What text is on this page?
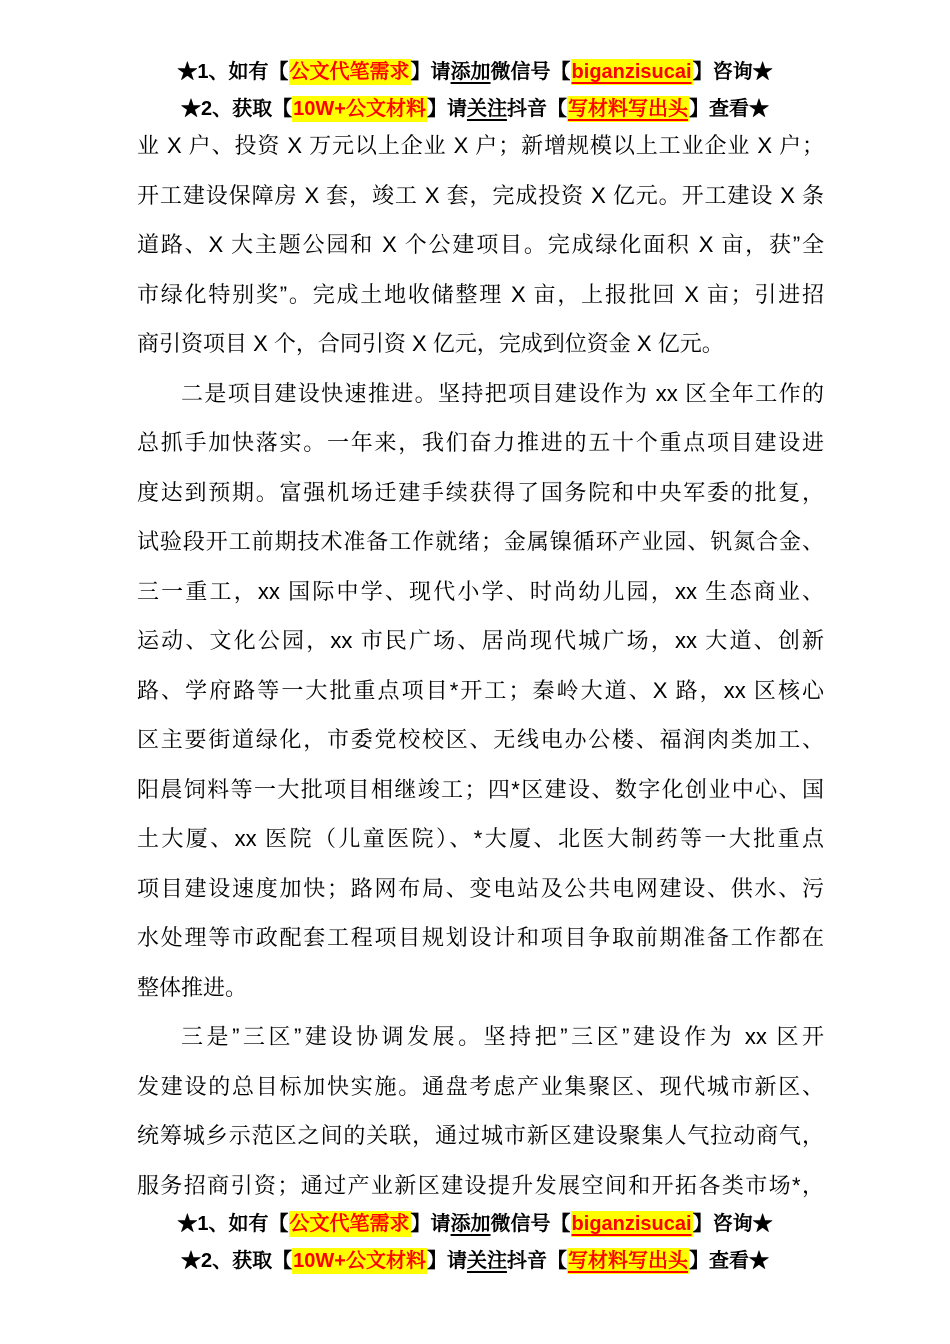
★1、如有【公文代笔需求】请添加微信号【biganzisucai】咨询★
★2、获取【10W+公文材料】请关注抖音【写材料写出头】查看★
业 X 户、投资 X 万元以上企业 X 户；新增规模以上工业企业 X 户；
开工建设保障房 X 套，竣工 X 套，完成投资 X 亿元。开工建设 X 条
道路、X 大主题公园和 X 个公建项目。完成绿化面积 X 亩，获”全
市绿化特别奖”。完成土地收储整理 X 亩，上报批回 X 亩；引进招
商引资项目 X 个，合同引资 X 亿元，完成到位资金 X 亿元。
二是项目建设快速推进。坚持把项目建设作为 xx 区全年工作的
总抓手加快落实。一年来，我们奋力推进的五十个重点项目建设进
度达到预期。富强机场迁建手续获得了国务院和中央军委的批复，
试验段开工前期技术准备工作就绪；金属镍循环产业园、钒氮合金、
三一重工，xx 国际中学、现代小学、时尚幼儿园，xx 生态商业、
运动、文化公园，xx 市民广场、居尚现代城广场，xx 大道、创新
路、学府路等一大批重点项目*开工；秦岭大道、X 路，xx 区核心
区主要街道绿化，市委党校校区、无线电办公楼、福润肉类加工、
阳晨饲料等一大批项目相继竣工；四*区建设、数字化创业中心、国
土大厦、xx 医院（儿童医院）、*大厦、北医大制药等一大批重点
项目建设速度加快；路网布局、变电站及公共电网建设、供水、污
水处理等市政配套工程项目规划设计和项目争取前期准备工作都在
整体推进。
三是”三区”建设协调发展。坚持把”三区”建设作为 xx 区开
发建设的总目标加快实施。通盘考虑产业集聚区、现代城市新区、
统筹城乡示范区之间的关联，通过城市新区建设聚集人气拉动商气，
服务招商引资；通过产业新区建设提升发展空间和开拓各类市场*，
★1、如有【公文代笔需求】请添加微信号【biganzisucai】咨询★
★2、获取【10W+公文材料】请关注抖音【写材料写出头】查看★
